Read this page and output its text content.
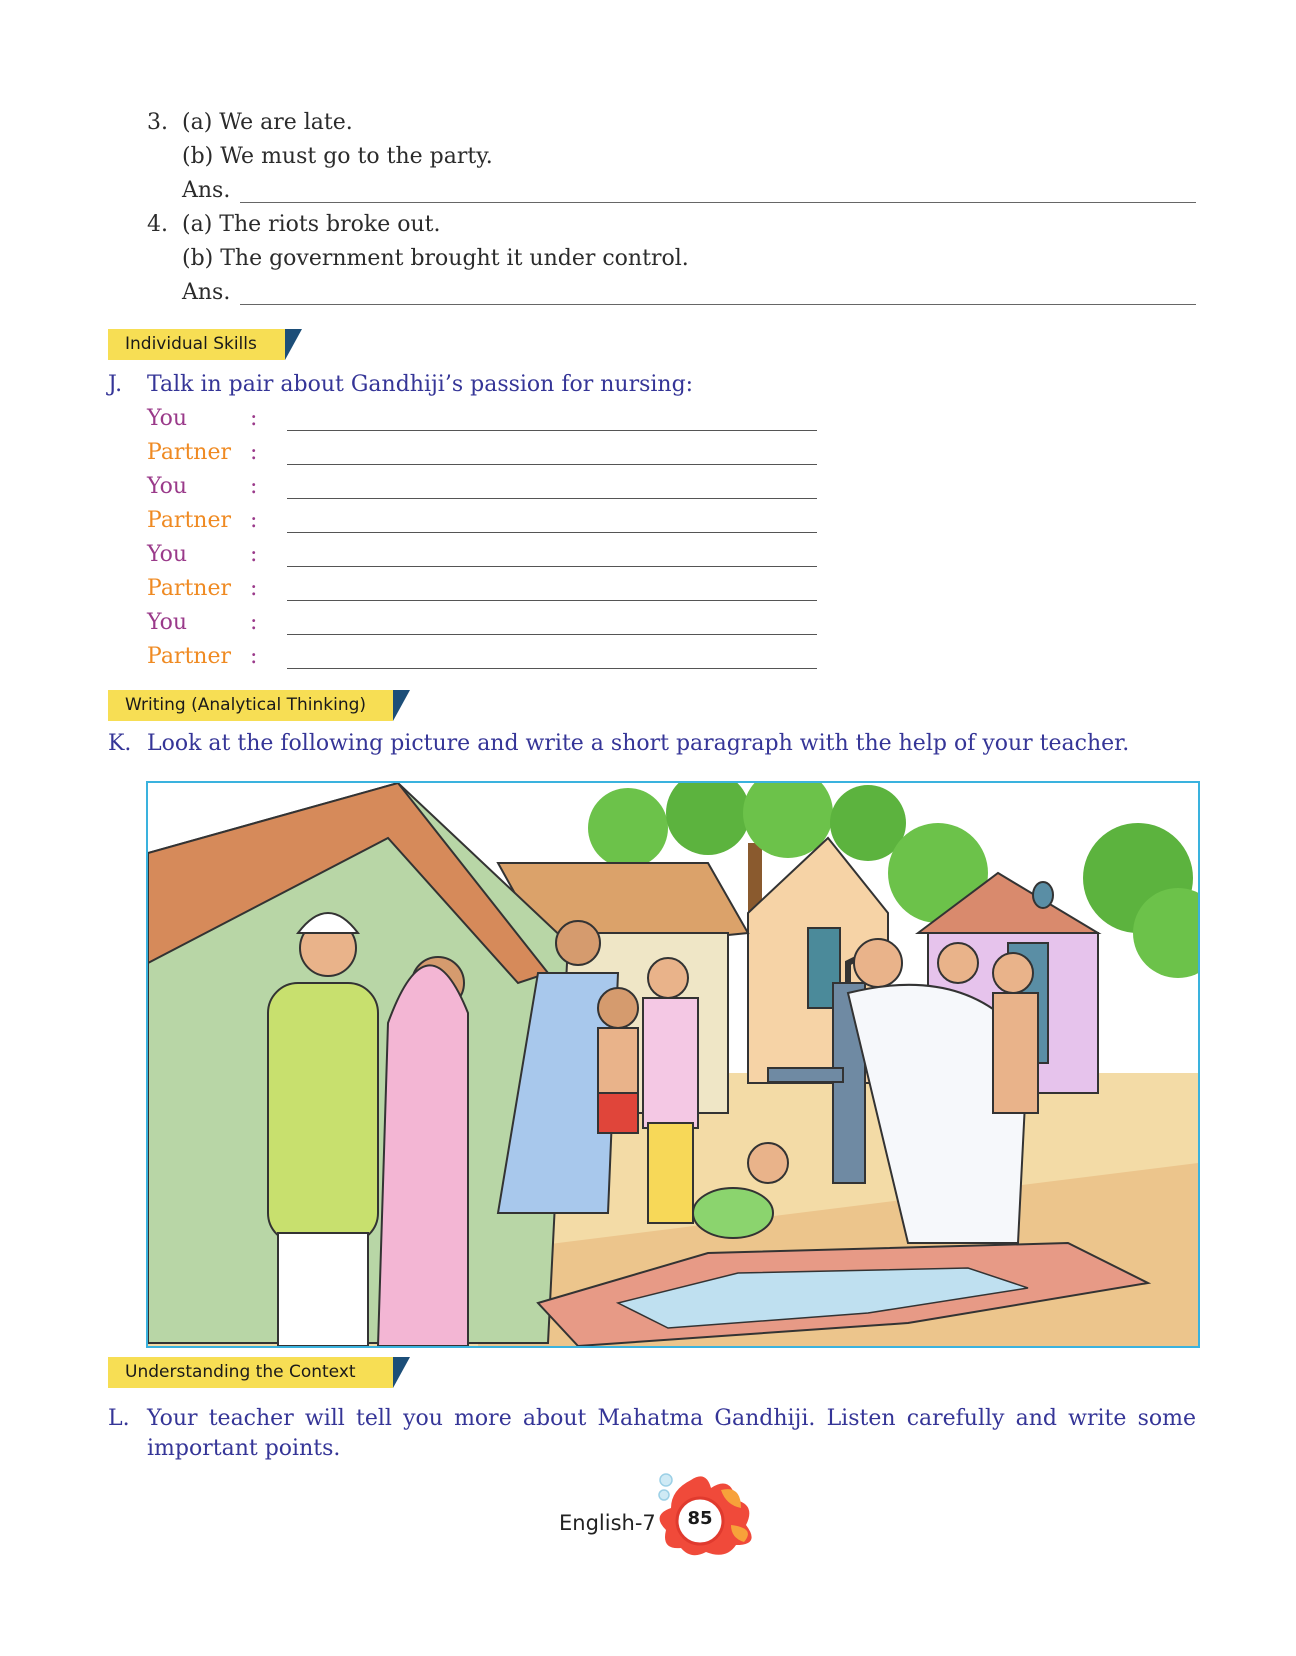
3. (a) We are late.
(b) We must go to the party.
Ans.
4. (a) The riots broke out.
(b) The government brought it under control.
Ans.
Individual Skills
J. Talk in pair about Gandhiji’s passion for nursing:
You	:
Partner :
You	:
Partner :
You	:
Partner :
You	:
Partner :
Writing (Analytical Thinking)
K. Look at the following picture and write a short paragraph with the help of your teacher.
Understanding the Context
L. Your teacher will tell you more about Mahatma Gandhiji. Listen carefully and write some
important points.
English-7	85
